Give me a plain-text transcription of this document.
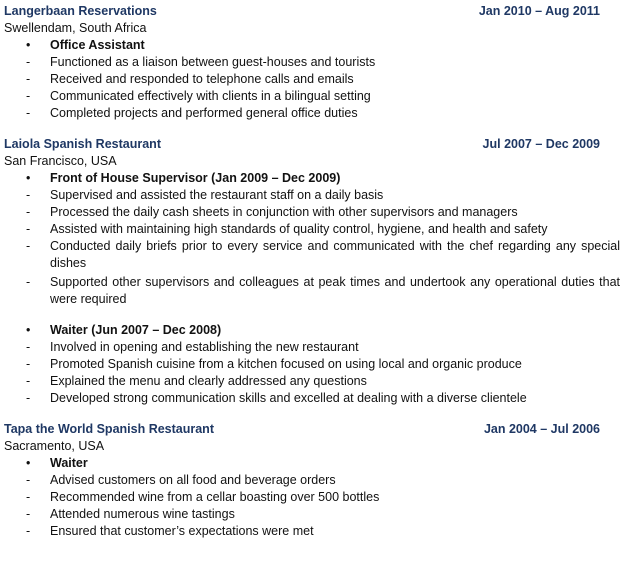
Langerbaan Reservations	Jan 2010 – Aug 2011
Swellendam, South Africa
•	Office Assistant
-	Functioned as a liaison between guest-houses and tourists
-	Received and responded to telephone calls and emails
-	Communicated effectively with clients in a bilingual setting
-	Completed projects and performed general office duties
Laiola Spanish Restaurant	Jul 2007 – Dec 2009
San Francisco, USA
•	Front of House Supervisor (Jan 2009 – Dec 2009)
-	Supervised and assisted the restaurant staff on a daily basis
-	Processed the daily cash sheets in conjunction with other supervisors and managers
-	Assisted with maintaining high standards of quality control, hygiene, and health and safety
-	Conducted daily briefs prior to every service and communicated with the chef regarding any special dishes
-	Supported other supervisors and colleagues at peak times and undertook any operational duties that were required
•	Waiter (Jun 2007 – Dec 2008)
-	Involved in opening and establishing the new restaurant
-	Promoted Spanish cuisine from a kitchen focused on using local and organic produce
-	Explained the menu and clearly addressed any questions
-	Developed strong communication skills and excelled at dealing with a diverse clientele
Tapa the World Spanish Restaurant	Jan 2004 – Jul 2006
Sacramento, USA
•	Waiter
-	Advised customers on all food and beverage orders
-	Recommended wine from a cellar boasting over 500 bottles
-	Attended numerous wine tastings
-	Ensured that customer’s expectations were met
